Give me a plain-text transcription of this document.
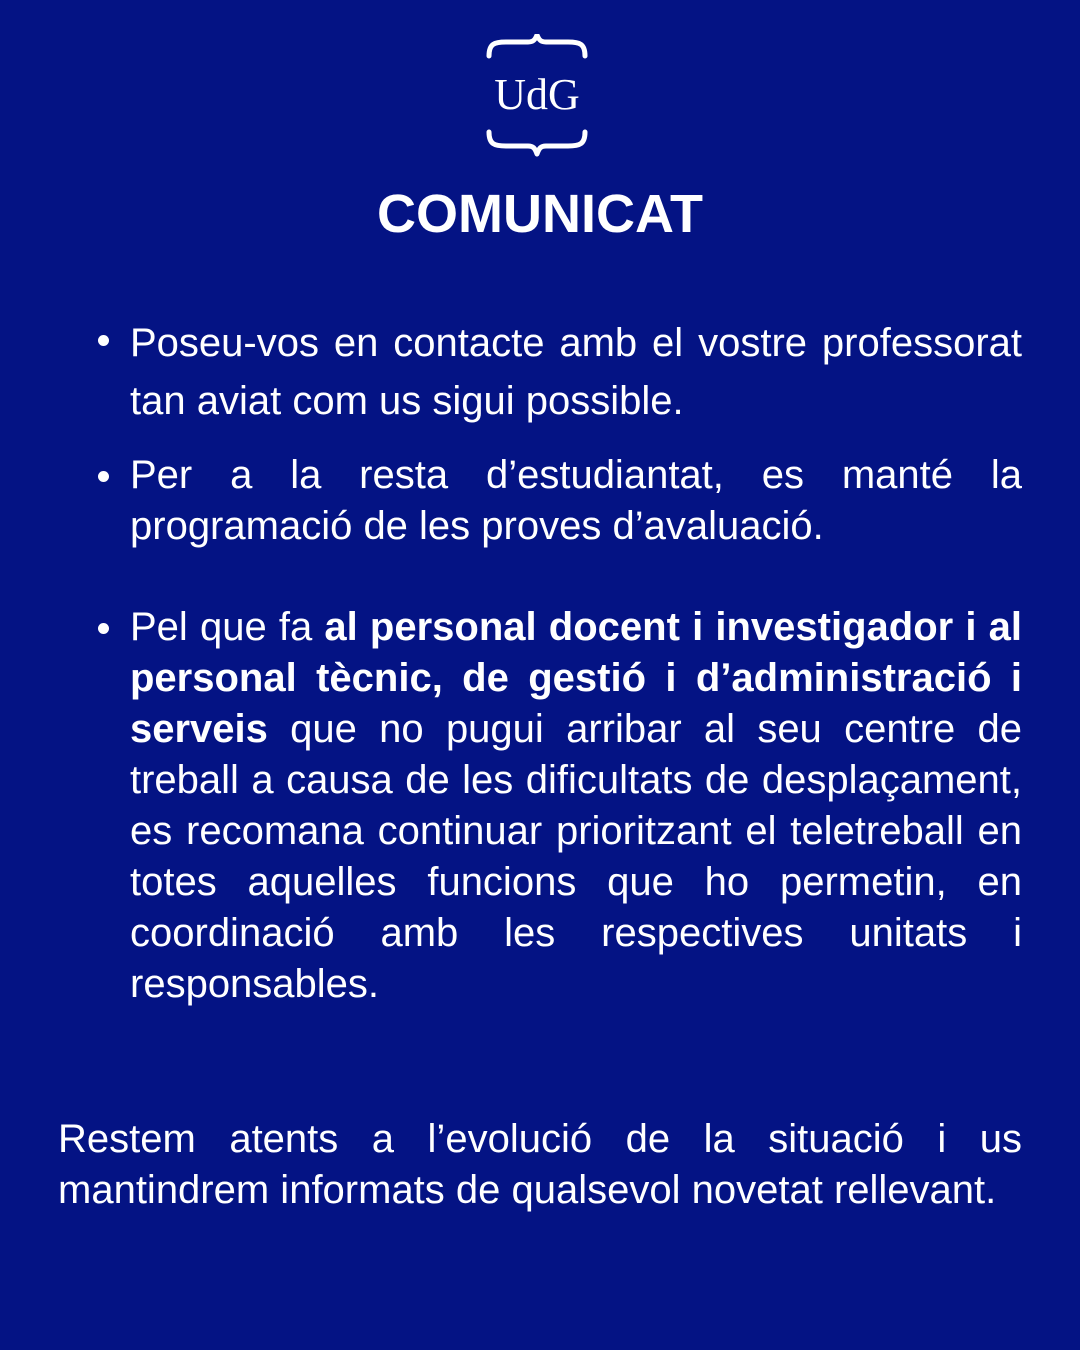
UdG
COMUNICAT
Poseu-vos en contacte amb el vostre professorat tan aviat com us sigui possible.
Per a la resta d’estudiantat, es manté la programació de les proves d’avaluació.
Pel que fa al personal docent i investigador i al personal tècnic, de gestió i d’administració i serveis que no pugui arribar al seu centre de treball a causa de les dificultats de desplaçament, es recomana continuar prioritzant el teletreball en totes aquelles funcions que ho permetin, en coordinació amb les respectives unitats i responsables.

Restem atents a l’evolució de la situació i us mantindrem informats de qualsevol novetat rellevant.
